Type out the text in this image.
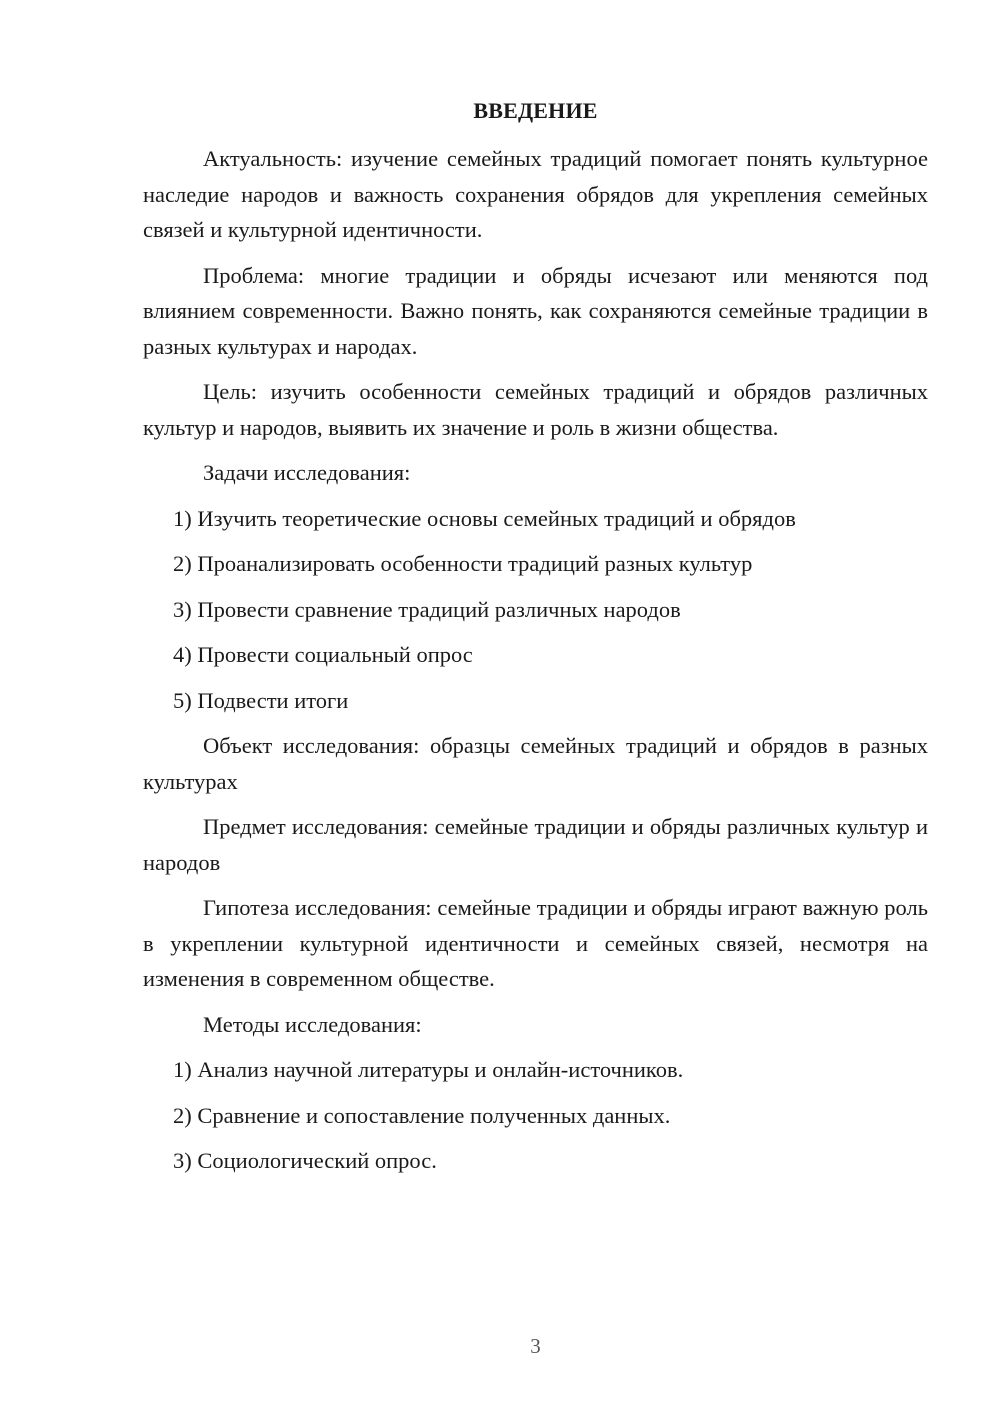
ВВЕДЕНИЕ

Актуальность: изучение семейных традиций помогает понять культурное наследие народов и важность сохранения обрядов для укрепления семейных связей и культурной идентичности.

Проблема: многие традиции и обряды исчезают или меняются под влиянием современности. Важно понять, как сохраняются семейные традиции в разных культурах и народах.

Цель: изучить особенности семейных традиций и обрядов различных культур и народов, выявить их значение и роль в жизни общества.

Задачи исследования:

1) Изучить теоретические основы семейных традиций и обрядов

2) Проанализировать особенности традиций разных культур

3) Провести сравнение традиций различных народов

4) Провести социальный опрос

5) Подвести итоги

Объект исследования: образцы семейных традиций и обрядов в разных культурах

Предмет исследования: семейные традиции и обряды различных культур и народов

Гипотеза исследования: семейные традиции и обряды играют важную роль в укреплении культурной идентичности и семейных связей, несмотря на изменения в современном обществе.

Методы исследования:

1) Анализ научной литературы и онлайн-источников.

2) Сравнение и сопоставление полученных данных.

3) Социологический опрос.

3
